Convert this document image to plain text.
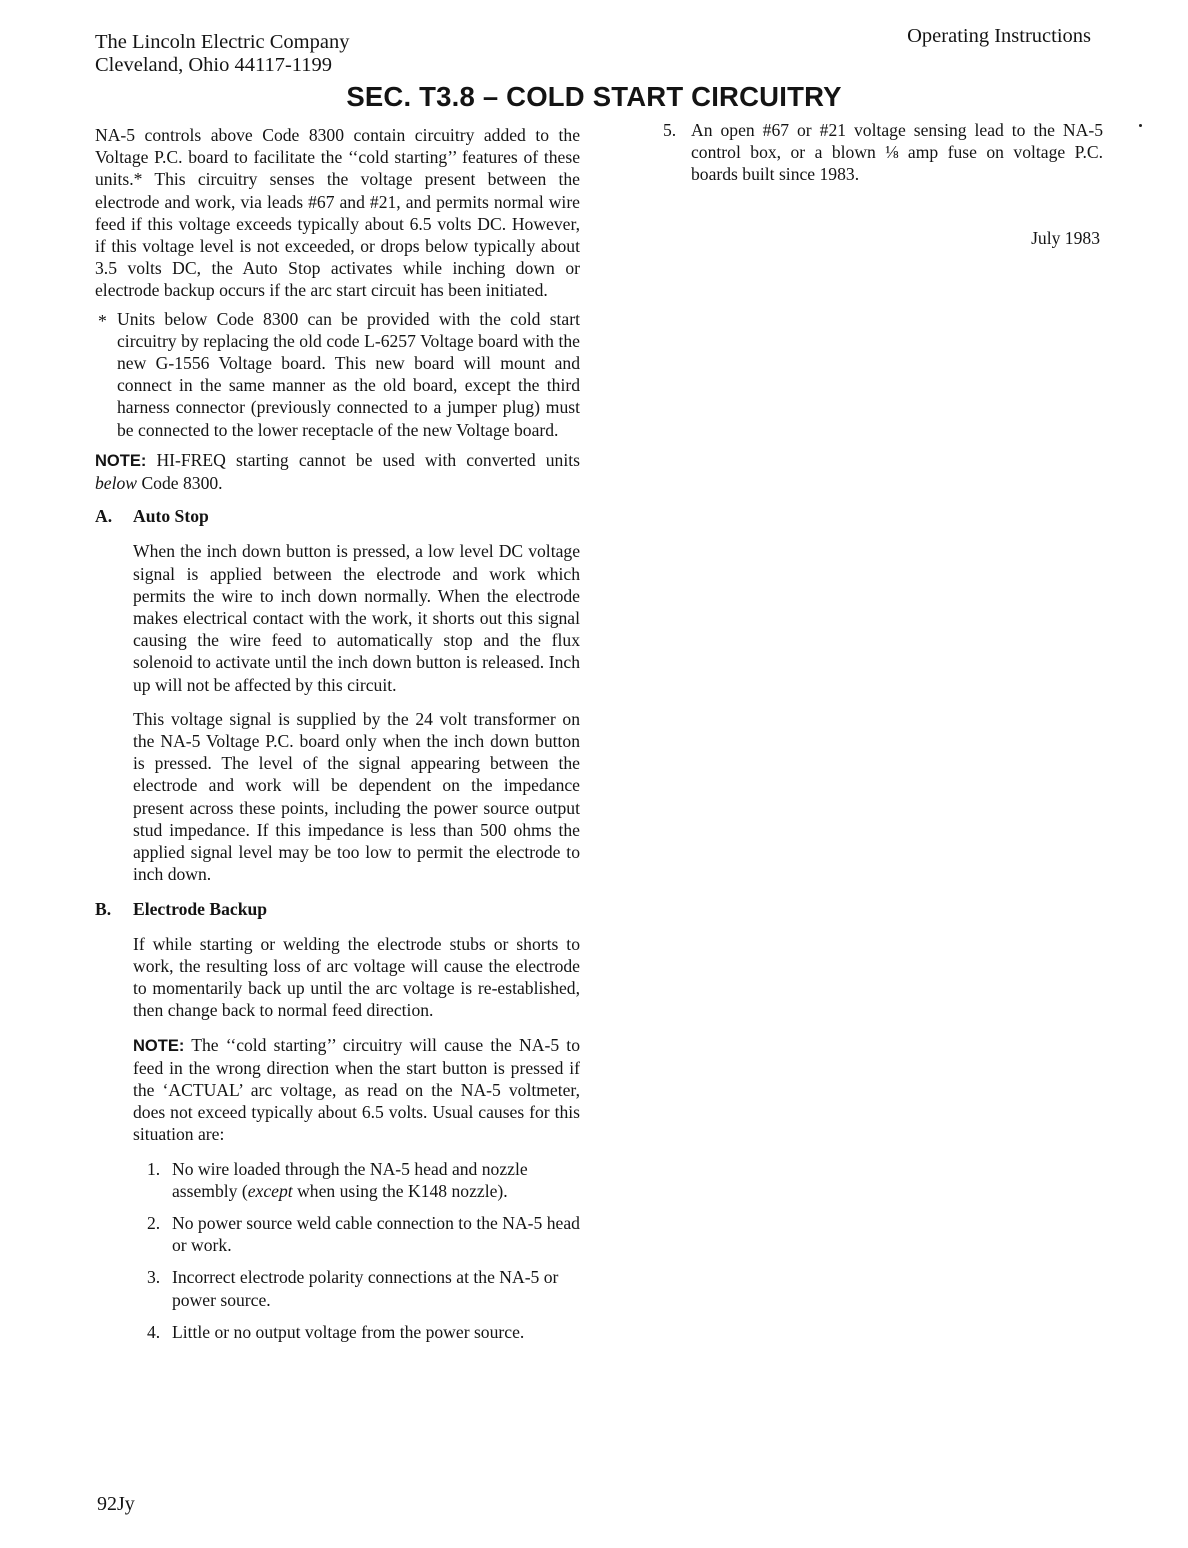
The Lincoln Electric Company
Cleveland, Ohio 44117-1199
Operating Instructions
SEC. T3.8 – COLD START CIRCUITRY

NA-5 controls above Code 8300 contain circuitry added to the Voltage P.C. board to facilitate the ‘‘cold starting’’ features of these units.* This circuitry senses the voltage present between the electrode and work, via leads #67 and #21, and permits normal wire feed if this voltage exceeds typically about 6.5 volts DC. However, if this voltage level is not exceeded, or drops below typically about 3.5 volts DC, the Auto Stop activates while inching down or electrode backup occurs if the arc start circuit has been initiated.

* Units below Code 8300 can be provided with the cold start circuitry by replacing the old code L-6257 Voltage board with the new G-1556 Voltage board. This new board will mount and connect in the same manner as the old board, except the third harness connector (previously connected to a jumper plug) must be connected to the lower receptacle of the new Voltage board.

NOTE: HI-FREQ starting cannot be used with converted units below Code 8300.

A. Auto Stop

When the inch down button is pressed, a low level DC voltage signal is applied between the electrode and work which permits the wire to inch down normally. When the electrode makes electrical contact with the work, it shorts out this signal causing the wire feed to automatically stop and the flux solenoid to activate until the inch down button is released. Inch up will not be affected by this circuit.

This voltage signal is supplied by the 24 volt transformer on the NA-5 Voltage P.C. board only when the inch down button is pressed. The level of the signal appearing between the electrode and work will be dependent on the impedance present across these points, including the power source output stud impedance. If this impedance is less than 500 ohms the applied signal level may be too low to permit the electrode to inch down.

B. Electrode Backup

If while starting or welding the electrode stubs or shorts to work, the resulting loss of arc voltage will cause the electrode to momentarily back up until the arc voltage is re-established, then change back to normal feed direction.

NOTE: The ‘‘cold starting’’ circuitry will cause the NA-5 to feed in the wrong direction when the start button is pressed if the ‘ACTUAL’ arc voltage, as read on the NA-5 voltmeter, does not exceed typically about 6.5 volts. Usual causes for this situation are:

1. No wire loaded through the NA-5 head and nozzle assembly (except when using the K148 nozzle).

2. No power source weld cable connection to the NA-5 head or work.

3. Incorrect electrode polarity connections at the NA-5 or power source.

4. Little or no output voltage from the power source.

5. An open #67 or #21 voltage sensing lead to the NA-5 control box, or a blown ⅛ amp fuse on voltage P.C. boards built since 1983.

July 1983
92Jy
